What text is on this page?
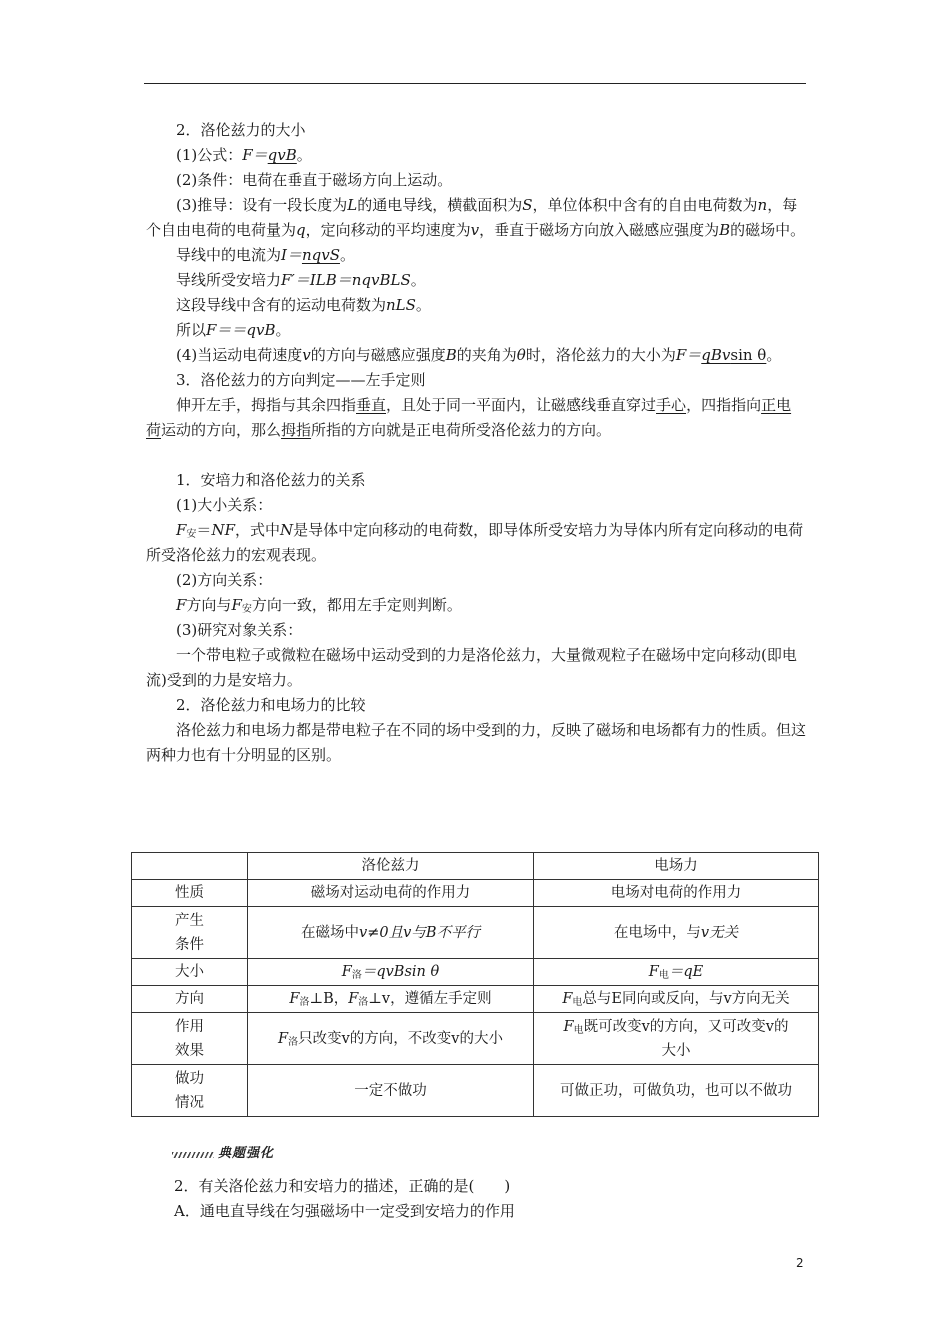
2．洛伦兹力的大小

(1)公式：F＝qvB。

(2)条件：电荷在垂直于磁场方向上运动。

(3)推导：设有一段长度为L的通电导线，横截面积为S，单位体积中含有的自由电荷数为n，每个自由电荷的电荷量为q，定向移动的平均速度为v，垂直于磁场方向放入磁感应强度为B的磁场中。

导线中的电流为I＝nqvS。

导线所受安培力F′＝ILB＝nqvBLS。

这段导线中含有的运动电荷数为nLS。

所以F＝＝qvB。

(4)当运动电荷速度v的方向与磁感应强度B的夹角为θ时，洛伦兹力的大小为F＝qBvsin θ。

3．洛伦兹力的方向判定——左手定则

伸开左手，拇指与其余四指垂直，且处于同一平面内，让磁感线垂直穿过手心，四指指向正电荷运动的方向，那么拇指所指的方向就是正电荷所受洛伦兹力的方向。

1．安培力和洛伦兹力的关系

(1)大小关系：

$F_安=NF$，式中N是导体中定向移动的电荷数，即导体所受安培力为导体内所有定向移动的电荷所受洛伦兹力的宏观表现。

(2)方向关系：

F方向与$F_安$方向一致，都用左手定则判断。

(3)研究对象关系：

一个带电粒子或微粒在磁场中运动受到的力是洛伦兹力，大量微观粒子在磁场中定向移动(即电流)受到的力是安培力。

2．洛伦兹力和电场力的比较

洛伦兹力和电场力都是带电粒子在不同的场中受到的力，反映了磁场和电场都有力的性质。但这两种力也有十分明显的区别。

	洛伦兹力	电场力
性质	磁场对运动电荷的作用力	电场对电荷的作用力
产生
条件	在磁场中v≠0且v与B不平行	在电场中，与v无关
大小	$F_洛=qvBsin$ θ	$F_电=qE$
方向	$F_洛\perp B$，$F_洛\perp v$，遵循左手定则	$F_电$总与E同向或反向，与v方向无关
作用
效果	$F_洛$只改变v的方向，不改变v的大小	$F_电$既可改变v的方向，又可改变v的
大小
做功
情况	一定不做功	可做正功，可做负功，也可以不做功
典题强化
2．有关洛伦兹力和安培力的描述，正确的是(　　)
A．通电直导线在匀强磁场中一定受到安培力的作用
2
